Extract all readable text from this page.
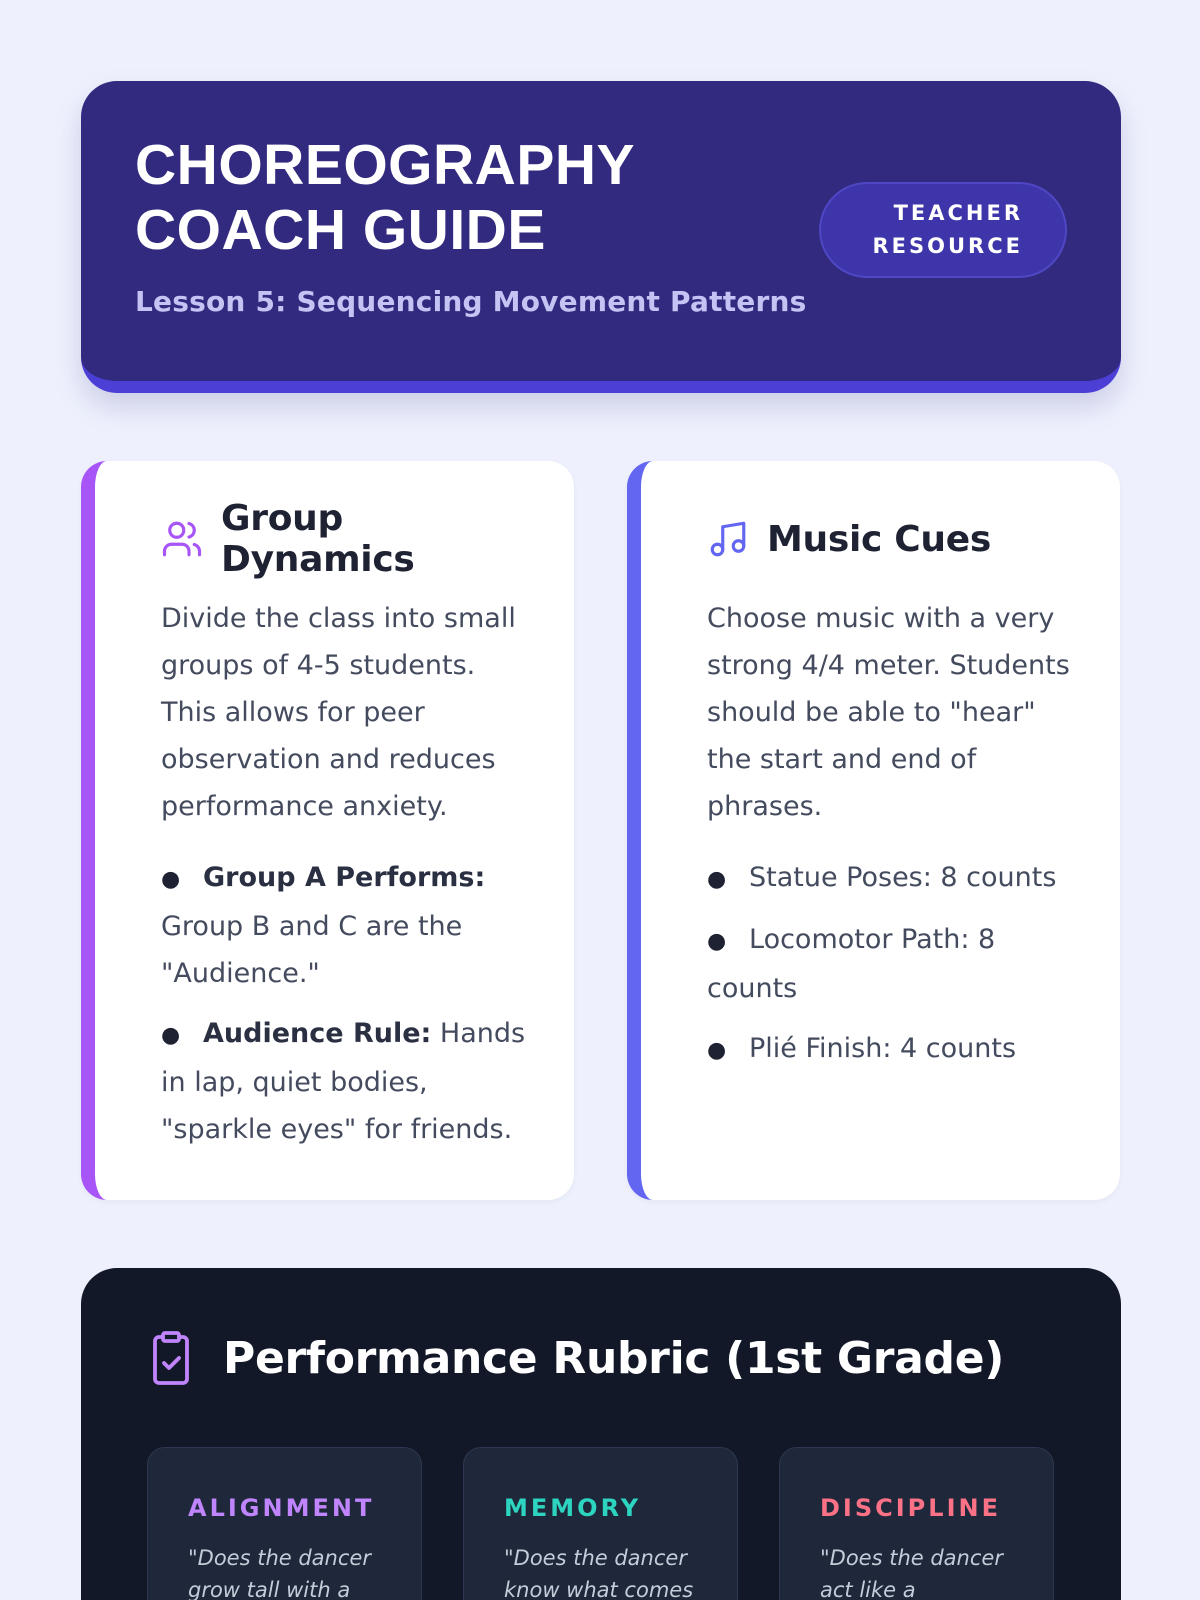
CHOREOGRAPHY COACH GUIDE
Lesson 5: Sequencing Movement Patterns
TEACHER RESOURCE
Group Dynamics

Divide the class into small groups of 4-5 students. This allows for peer observation and reduces performance anxiety.

● Group A Performs: Group B and C are the "Audience."
● Audience Rule: Hands in lap, quiet bodies, "sparkle eyes" for friends.
Music Cues

Choose music with a very strong 4/4 meter. Students should be able to "hear" the start and end of phrases.

● Statue Poses: 8 counts
● Locomotor Path: 8 counts
● Plié Finish: 4 counts
Performance Rubric (1st Grade)
ALIGNMENT
"Does the dancer grow tall with a
MEMORY
"Does the dancer know what comes
DISCIPLINE
"Does the dancer act like a
